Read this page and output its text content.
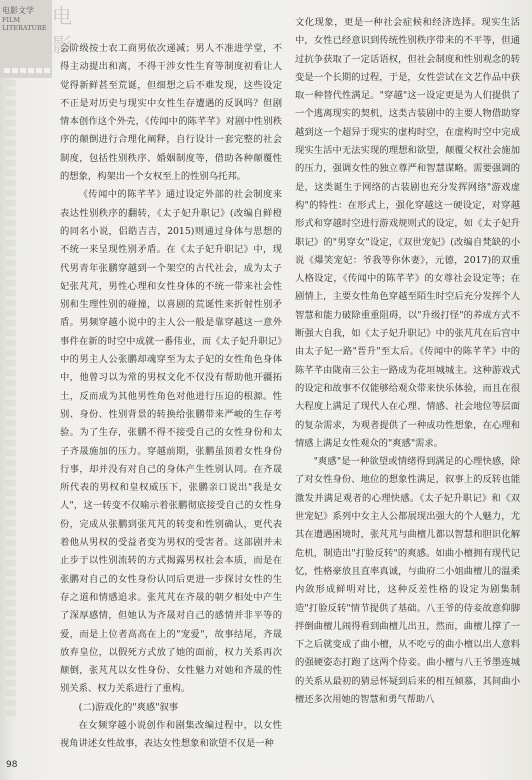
电影文学
FILM LITERATURE 电影

会阶级按士农工商男依次递减；男人不准进学堂，不得主动提出和离，不得干涉女性生育等制度初看让人觉得新鲜甚至荒诞，但细想之后不难发现，这些设定不正是对历史与现实中女性生存遭遇的反讽吗？但剧情本创作这个外壳，《传闻中的陈芊芊》对剧中性别秩序的颠倒进行合理化阐释，自行设计一套完整的社会制度，包括性别秩序、婚姻制度等，借助各种颠覆性的想象，构架出一个女权至上的性别乌托邦。

《传闻中的陈芊芊》通过设定外部的社会制度来表达性别秩序的翻转，《太子妃升职记》(改编自鲜橙的同名小说，侣皓吉吉，2015)则通过身体与思想的不统一来呈现性别矛盾。在《太子妃升职记》中，现代男青年张鹏穿越到一个架空的古代社会，成为太子妃张芃芃，男性心理和女性身体的不统一带来社会性别和生理性别的碰撞，以喜剧的荒诞性来折射性别矛盾。男频穿越小说中的主人公一般是靠穿越这一意外事件在新的时空中成就一番伟业，而《太子妃升职记》中的男主人公张鹏却魂穿至为太子妃的女性角色身体中，他曾习以为常的男权文化不仅没有帮助他开疆拓土，反而成为其他男性角色对他进行压迫的根源。性别、身份、性别背景的转换给张鹏带来严峻的生存考验。为了生存，张鹏不得不接受自己的女性身份和太子齐晟施加的压力。穿越前期，张鹏虽顶着女性身份行事，却并没有对自己的身体产生性别认同。在齐晟所代表的男权和皇权威压下，张鹏亲口说出"我是女人"，这一转变不仅喻示着张鹏彻底接受自己的女性身份，完成从张鹏到张芃芃的转变和性别确认，更代表着他从男权的受益者变为男权的受害者。这部剧并未止步于以性别流转的方式揭露男权社会本质，而是在张鹏对自己的女性身份认同后更进一步探讨女性的生存之道和情感追求。张芃芃在齐晟的朝夕相处中产生了深厚感情，但她认为齐晟对自己的感情并非平等的爱，而是上位者高高在上的"宠爱"，故事结尾，齐晟放弃皇位，以假死方式放了她的面前，权力关系再次颠倒，张芃芃以女性身份、女性魅力对她和齐晟的性别关系、权力关系进行了重构。

(二)游戏化的"爽感"叙事

在女频穿越小说创作和剧集改编过程中，以女性视角讲述女性故事，表达女性想象和欲望不仅是一种

文化现象，更是一种社会症候和经济选择。现实生活中，女性已经意识到传统性别秩序带来的不平等，但通过抗争获取了一定话语权，但社会制度和性别观念的转变是一个长期的过程，于是，女性尝试在文艺作品中获取一种替代性满足。"穿越"这一设定更是为人们提供了一个逃离现实的契机，这类古装剧中的主要人物借助穿越到这一个超异于现实的虚构时空，在虚构时空中完成现实生活中无法实现的理想和欲望，颠覆父权社会施加的压力，强调女性的独立尊严和智慧谋略。需要强调的是，这类诞生于网络的古装剧也充分发挥网络"游戏虚构"的特性：在形式上，强化穿越这一硬设定，对穿越形式和穿越时空进行游戏规则式的设定，如《太子妃升职记》的"男穿女"设定，《双世宠妃》(改编自梵缺的小说《爆笑宠妃：爷我等你休妻》，元德，2017)的双重人格设定，《传闻中的陈芊芊》的女尊社会设定等；在剧情上，主要女性角色穿越至陌生时空后充分发挥个人智慧和能力破除重重阻碍，以"升级打怪"的养成方式不断强大自我，如《太子妃升职记》中的张芃芃在后宫中由太子妃一路"晋升"至太后。《传闻中的陈芊芊》中的陈芊芊由陇南三公主一路成为花垣城城主。这种游戏式的设定和故事不仅能够给观众带来快乐体验，而且在很大程度上满足了现代人在心理、情感、社会地位等层面的复杂需求，为观者提供了一种成功性想象，在心理和情感上满足女性观众的"爽感"需求。

"爽感"是一种欲望或情绪得到满足的心理快感，除了对女性身份、地位的想象性满足，叙事上的反转也能激发并满足观者的心理快感。《太子妃升职记》和《双世宠妃》系列中女主人公都展现出强大的个人魅力，尤其在遭遇困境时，张芃芃与曲檀儿都以智慧和胆识化解危机，制造出"打脸反转"的爽感。如曲小檀拥有现代记忆，性格豪放且直率真诚，与曲府二小姐曲檀儿的温柔内敛形成鲜明对比，这种反差性格的设定为剧集制造"打脸反转"情节提供了基础。八王爷的侍妾故意仰脚拌倒曲檀儿闹得看到曲檀儿出丑，然而，曲檀儿撑了一下之后就变成了曲小檀，从不吃亏的曲小檀以出人意料的强硬姿态打跑了这两个侍妾。曲小檀与八王爷墨连城的关系从最初的猜忌怀疑到后来的相互倾慕，其间曲小檀还多次用她的智慧和勇气帮助八

98
